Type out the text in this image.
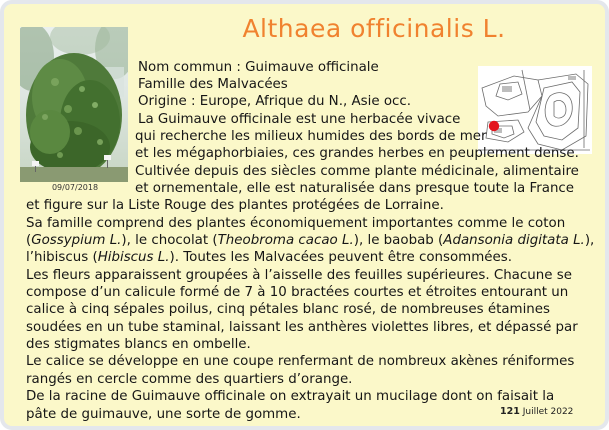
Althaea officinalis L.
09/07/2018
Nom commun : Guimauve officinale
Famille des Malvacées
Origine : Europe, Afrique du N., Asie occ.
La Guimauve officinale est une herbacée vivace
qui recherche les milieux humides des bords de mer
et les mégaphorbiaies, ces grandes herbes en peuplement dense.
Cultivée depuis des siècles comme plante médicinale, alimentaire
et ornementale, elle est naturalisée dans presque toute la France
et figure sur la Liste Rouge des plantes protégées de Lorraine.
Sa famille comprend des plantes économiquement importantes comme le coton
(Gossypium L.), le chocolat (Theobroma cacao L.), le baobab (Adansonia digitata L.),
l’hibiscus (Hibiscus L.). Toutes les Malvacées peuvent être consommées.
Les fleurs apparaissent groupées à l’aisselle des feuilles supérieures. Chacune se
compose d’un calicule formé de 7 à 10 bractées courtes et étroites entourant un
calice à cinq sépales poilus, cinq pétales blanc rosé, de nombreuses étamines
soudées en un tube staminal, laissant les anthères violettes libres, et dépassé par
des stigmates blancs en ombelle.
Le calice se développe en une coupe renfermant de nombreux akènes réniformes
rangés en cercle comme des quartiers d’orange.
De la racine de Guimauve officinale on extrayait un mucilage dont on faisait la
pâte de guimauve, une sorte de gomme.	121 Juillet 2022
